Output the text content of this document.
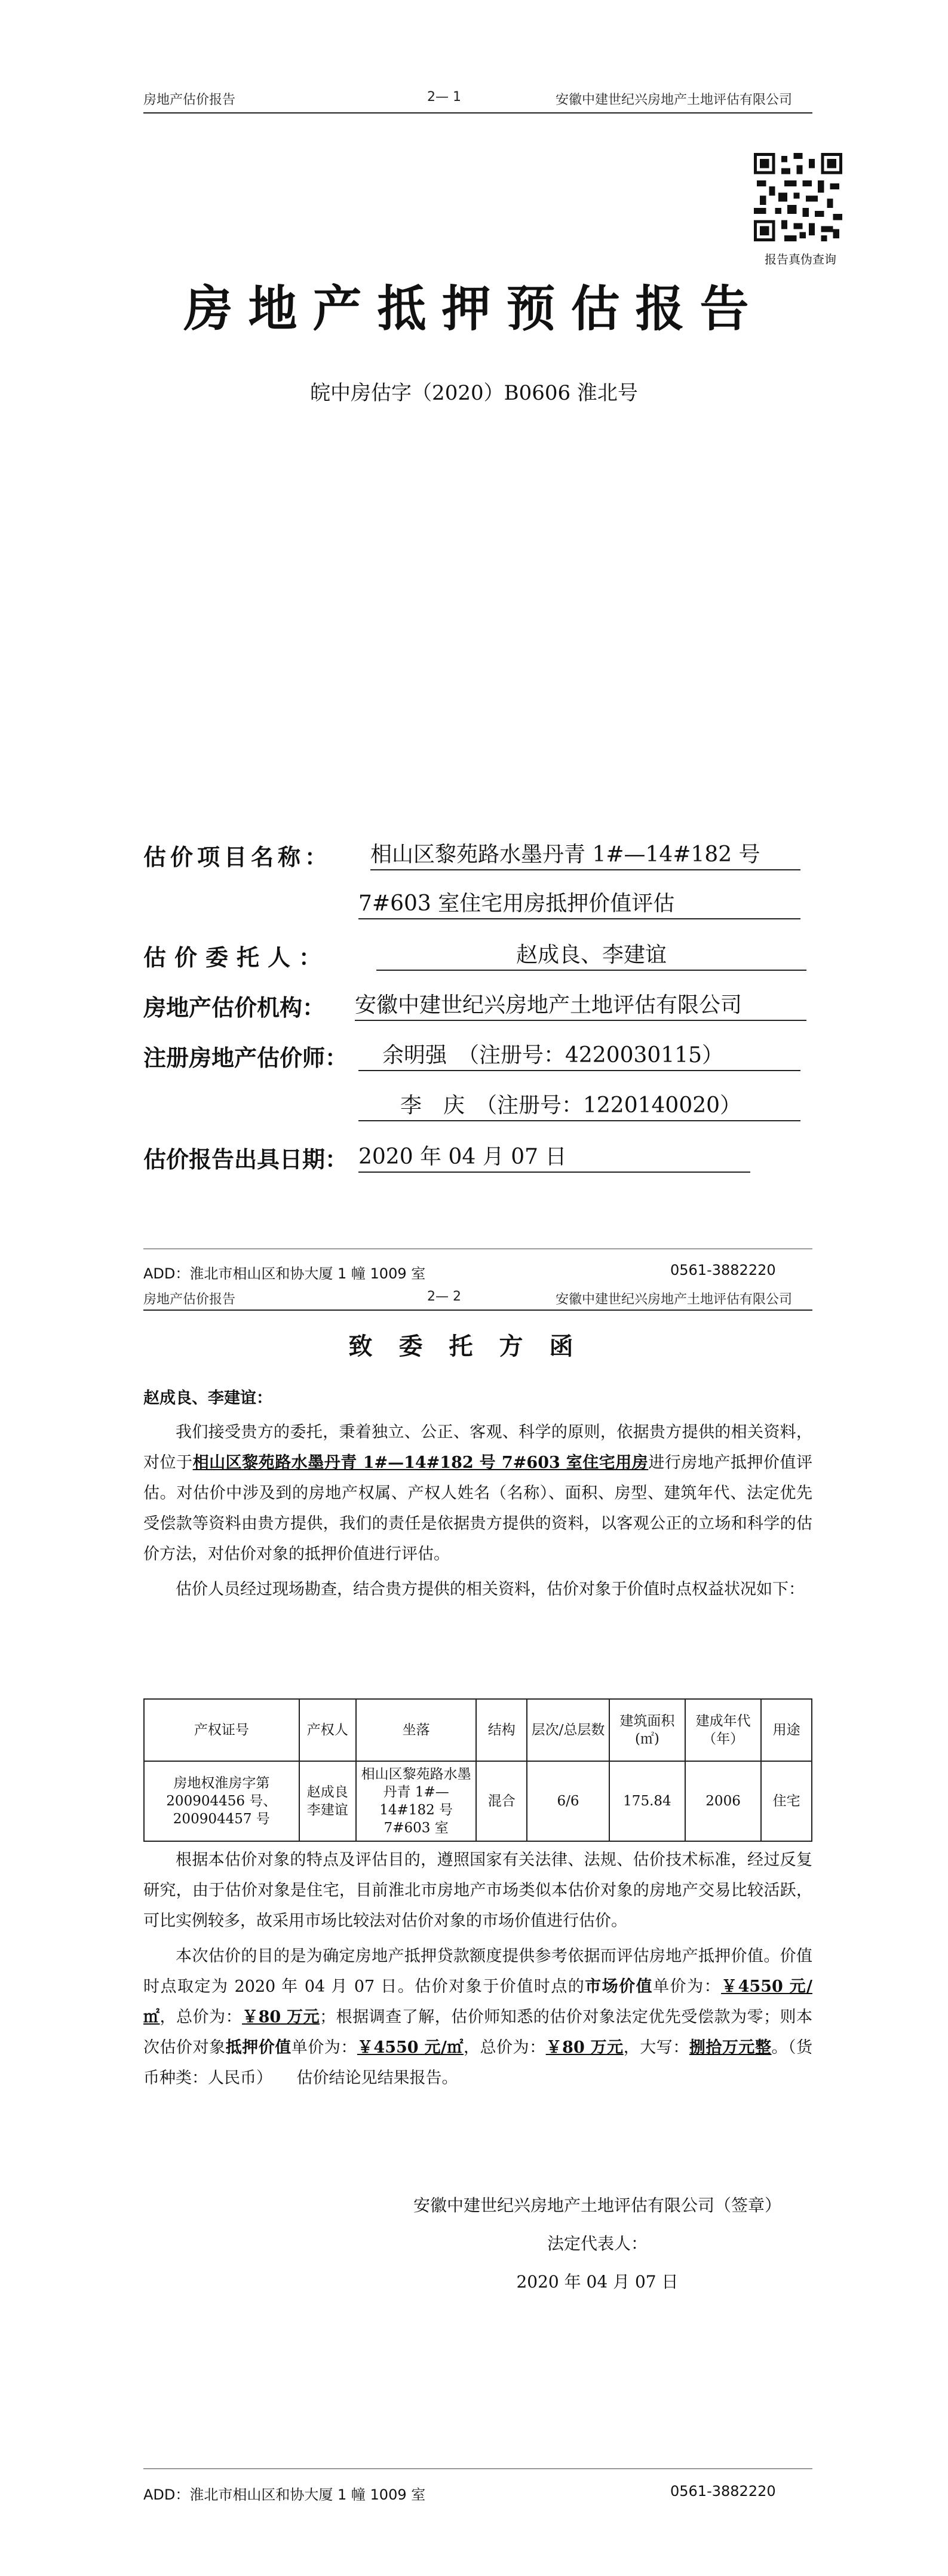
房地产估价报告	2— 1	安徽中建世纪兴房地产土地评估有限公司
报告真伪查询
房地产抵押预估报告
皖中房估字（2020）B0606 淮北号
估价项目名称： 相山区黎苑路水墨丹青 1#—14#182 号
7#603 室住宅用房抵押价值评估
估价委托人：	赵成良、李建谊
房地产估价机构： 安徽中建世纪兴房地产土地评估有限公司
注册房地产估价师：	余明强　（注册号：4220030115）
李　庆　（注册号：1220140020）
估价报告出具日期： 2020 年 04 月 07 日
ADD：淮北市相山区和协大厦 1 幢 1009 室	0561-3882220
房地产估价报告	2— 2	安徽中建世纪兴房地产土地评估有限公司
致委托方函
赵成良、李建谊：

我们接受贵方的委托，秉着独立、公正、客观、科学的原则，依据贵方提供的相关资料，对位于相山区黎苑路水墨丹青 1#—14#182 号 7#603 室住宅用房进行房地产抵押价值评估。对估价中涉及到的房地产权属、产权人姓名（名称）、面积、房型、建筑年代、法定优先受偿款等资料由贵方提供，我们的责任是依据贵方提供的资料，以客观公正的立场和科学的估价方法，对估价对象的抵押价值进行评估。

估价人员经过现场勘查，结合贵方提供的相关资料，估价对象于价值时点权益状况如下：

产权证号	产权人	坐落	结构	层次/总层数	建筑面积(㎡)	建成年代（年）	用途
房地权淮房字第 200904456 号、200904457 号	赵成良 李建谊	相山区黎苑路水墨丹青 1#—14#182 号 7#603 室	混合	6/6	175.84	2006	住宅

根据本估价对象的特点及评估目的，遵照国家有关法律、法规、估价技术标准，经过反复研究，由于估价对象是住宅，目前淮北市房地产市场类似本估价对象的房地产交易比较活跃，可比实例较多，故采用市场比较法对估价对象的市场价值进行估价。

本次估价的目的是为确定房地产抵押贷款额度提供参考依据而评估房地产抵押价值。价值时点取定为 2020 年 04 月 07 日。估价对象于价值时点的市场价值单价为：￥4550 元/㎡，总价为：￥80 万元；根据调查了解，估价师知悉的估价对象法定优先受偿款为零；则本次估价对象抵押价值单价为：￥4550 元/㎡，总价为：￥80 万元，大写：捌拾万元整。（货币种类：人民币）　　估价结论见结果报告。

安徽中建世纪兴房地产土地评估有限公司（签章）
法定代表人：
2020 年 04 月 07 日
ADD：淮北市相山区和协大厦 1 幢 1009 室	0561-3882220
